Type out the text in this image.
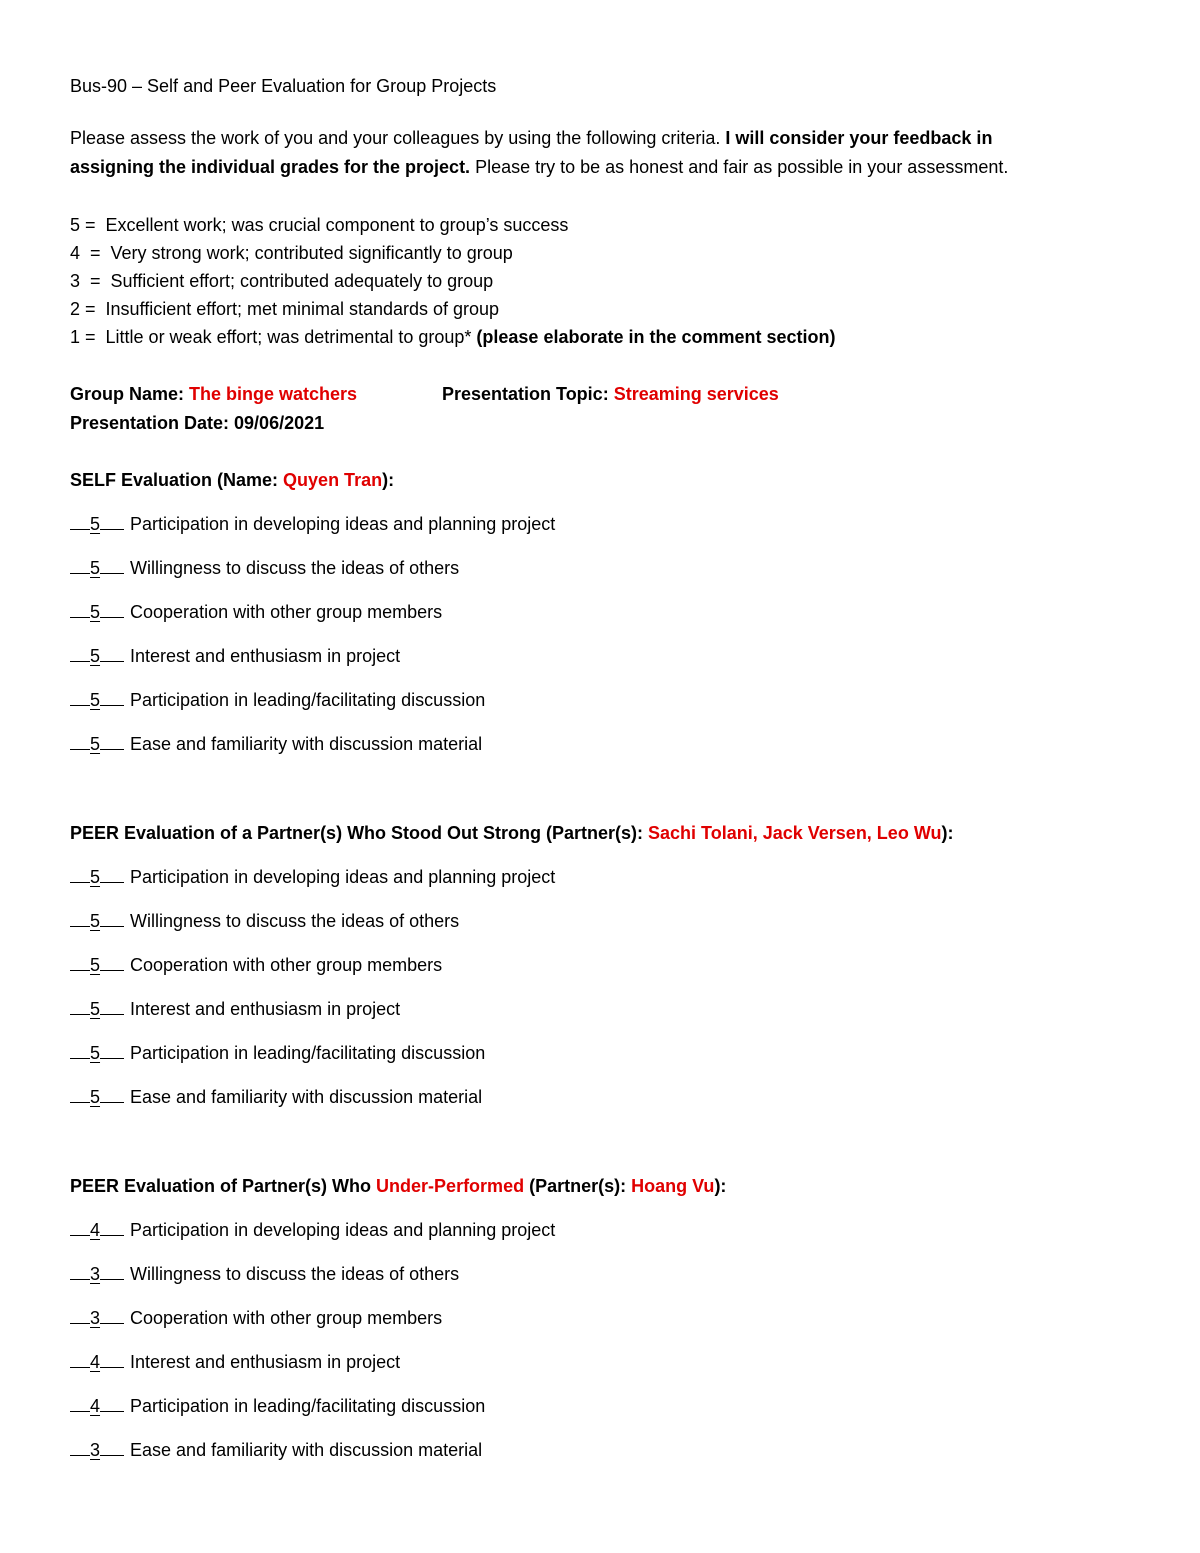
Bus-90 – Self and Peer Evaluation for Group Projects
Please assess the work of you and your colleagues by using the following criteria. I will consider your feedback in
assigning the individual grades for the project. Please try to be as honest and fair as possible in your assessment.
5 =  Excellent work; was crucial component to group’s success
4  =  Very strong work; contributed significantly to group
3  =  Sufficient effort; contributed adequately to group
2 =  Insufficient effort; met minimal standards of group
1 =  Little or weak effort; was detrimental to group* (please elaborate in the comment section)
Group Name: The binge watchers	Presentation Topic: Streaming services
Presentation Date: 09/06/2021
SELF Evaluation (Name: Quyen Tran):
5 Participation in developing ideas and planning project
5 Willingness to discuss the ideas of others
5 Cooperation with other group members
5 Interest and enthusiasm in project
5 Participation in leading/facilitating discussion
5 Ease and familiarity with discussion material
PEER Evaluation of a Partner(s) Who Stood Out Strong (Partner(s): Sachi Tolani, Jack Versen, Leo Wu):
5 Participation in developing ideas and planning project
5 Willingness to discuss the ideas of others
5 Cooperation with other group members
5 Interest and enthusiasm in project
5 Participation in leading/facilitating discussion
5 Ease and familiarity with discussion material
PEER Evaluation of Partner(s) Who Under-Performed (Partner(s): Hoang Vu):
4 Participation in developing ideas and planning project
3 Willingness to discuss the ideas of others
3 Cooperation with other group members
4 Interest and enthusiasm in project
4 Participation in leading/facilitating discussion
3 Ease and familiarity with discussion material
